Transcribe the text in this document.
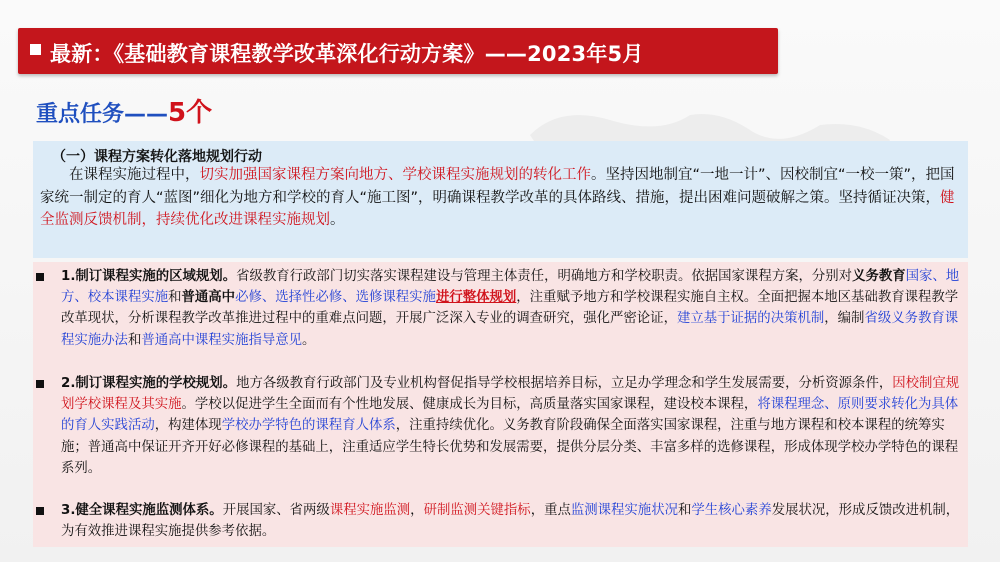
最新：《基础教育课程教学改革深化行动方案》——2023年5月
重点任务——5个
（一）课程方案转化落地规划行动
在课程实施过程中，切实加强国家课程方案向地方、学校课程实施规划的转化工作。坚持因地制宜“一地一计”、因校制宜“一校一策”，把国家统一制定的育人“蓝图”细化为地方和学校的育人“施工图”，明确课程教学改革的具体路线、措施，提出困难问题破解之策。坚持循证决策，健全监测反馈机制，持续优化改进课程实施规划。
1.制订课程实施的区域规划。省级教育行政部门切实落实课程建设与管理主体责任，明确地方和学校职责。依据国家课程方案，分别对义务教育国家、地方、校本课程实施和普通高中必修、选择性必修、选修课程实施进行整体规划，注重赋予地方和学校课程实施自主权。全面把握本地区基础教育课程教学改革现状，分析课程教学改革推进过程中的重难点问题，开展广泛深入专业的调查研究，强化严密论证，建立基于证据的决策机制，编制省级义务教育课程实施办法和普通高中课程实施指导意见。
2.制订课程实施的学校规划。地方各级教育行政部门及专业机构督促指导学校根据培养目标，立足办学理念和学生发展需要，分析资源条件，因校制宜规划学校课程及其实施。学校以促进学生全面而有个性地发展、健康成长为目标，高质量落实国家课程，建设校本课程，将课程理念、原则要求转化为具体的育人实践活动，构建体现学校办学特色的课程育人体系，注重持续优化。义务教育阶段确保全面落实国家课程，注重与地方课程和校本课程的统筹实施；普通高中保证开齐开好必修课程的基础上，注重适应学生特长优势和发展需要，提供分层分类、丰富多样的选修课程，形成体现学校办学特色的课程系列。
3.健全课程实施监测体系。开展国家、省两级课程实施监测，研制监测关键指标，重点监测课程实施状况和学生核心素养发展状况，形成反馈改进机制，为有效推进课程实施提供参考依据。
